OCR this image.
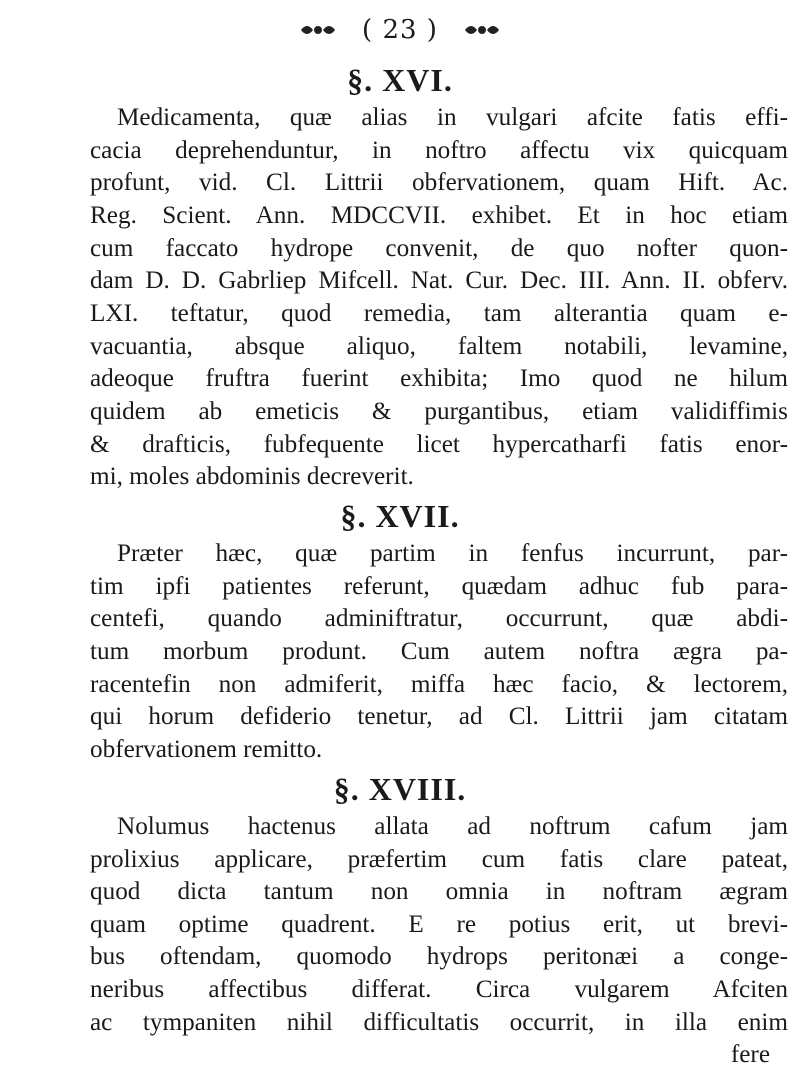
( 23 )
§. XVI.
Medicamenta, quæ alias in vulgari afcite fatis effi-
cacia deprehenduntur, in noftro affectu vix quicquam
profunt, vid. Cl. Littrii obfervationem, quam Hift. Ac.
Reg. Scient. Ann. MDCCVII. exhibet. Et in hoc etiam
cum faccato hydrope convenit, de quo nofter quon-
dam D. D. Gabrliep Mifcell. Nat. Cur. Dec. III. Ann. II. obferv.
LXI. teftatur, quod remedia, tam alterantia quam e-
vacuantia, absque aliquo, faltem notabili, levamine,
adeoque fruftra fuerint exhibita; Imo quod ne hilum
quidem ab emeticis & purgantibus, etiam validiffimis
& drafticis, fubfequente licet hypercatharfi fatis enor-
mi, moles abdominis decreverit.
§. XVII.
Præter hæc, quæ partim in fenfus incurrunt, par-
tim ipfi patientes referunt, quædam adhuc fub para-
centefi, quando adminiftratur, occurrunt, quæ abdi-
tum morbum produnt. Cum autem noftra ægra pa-
racentefin non admiferit, miffa hæc facio, & lectorem,
qui horum defiderio tenetur, ad Cl. Littrii jam citatam
obfervationem remitto.
§. XVIII.
Nolumus hactenus allata ad noftrum cafum jam
prolixius applicare, præfertim cum fatis clare pateat,
quod dicta tantum non omnia in noftram ægram
quam optime quadrent. E re potius erit, ut brevi-
bus oftendam, quomodo hydrops peritonæi a conge-
neribus affectibus differat. Circa vulgarem Afciten
ac tympaniten nihil difficultatis occurrit, in illa enim
fere
